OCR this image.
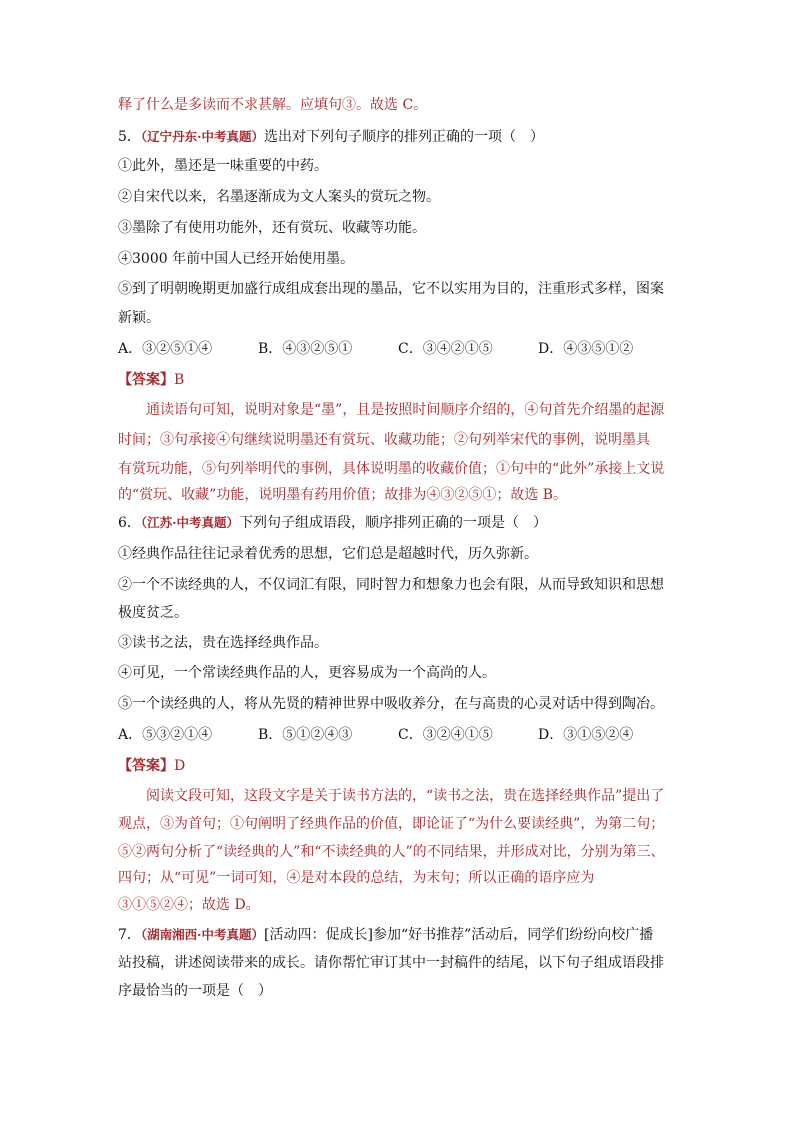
释了什么是多读而不求甚解。应填句③。故选 C。
5．（辽宁丹东·中考真题）选出对下列句子顺序的排列正确的一项（　）
①此外，墨还是一味重要的中药。
②自宋代以来，名墨逐渐成为文人案头的赏玩之物。
③墨除了有使用功能外，还有赏玩、收藏等功能。
④3000 年前中国人已经开始使用墨。
⑤到了明朝晚期更加盛行成组成套出现的墨品，它不以实用为目的，注重形式多样，图案
新颖。
A．③②⑤①④	B．④③②⑤①	C．③④②①⑤	D．④③⑤①②
【答案】B
通读语句可知，说明对象是“墨”，且是按照时间顺序介绍的，④句首先介绍墨的起源
时间；③句承接④句继续说明墨还有赏玩、收藏功能；②句列举宋代的事例，说明墨具
有赏玩功能，⑤句列举明代的事例，具体说明墨的收藏价值；①句中的“此外”承接上文说
的“赏玩、收藏”功能，说明墨有药用价值；故排为④③②⑤①；故选 B。
6．（江苏·中考真题）下列句子组成语段，顺序排列正确的一项是（　）
①经典作品往往记录着优秀的思想，它们总是超越时代，历久弥新。
②一个不读经典的人，不仅词汇有限，同时智力和想象力也会有限，从而导致知识和思想
极度贫乏。
③读书之法，贵在选择经典作品。
④可见，一个常读经典作品的人，更容易成为一个高尚的人。
⑤一个读经典的人，将从先贤的精神世界中吸收养分，在与高贵的心灵对话中得到陶冶。
A．⑤③②①④	B．⑤①②④③	C．③②④①⑤	D．③①⑤②④
【答案】D
阅读文段可知，这段文字是关于读书方法的，“读书之法，贵在选择经典作品”提出了
观点，③为首句；①句阐明了经典作品的价值，即论证了“为什么要读经典”，为第二句；
⑤②两句分析了“读经典的人”和“不读经典的人”的不同结果，并形成对比，分别为第三、
四句；从“可见”一词可知，④是对本段的总结，为末句；所以正确的语序应为
③①⑤②④；故选 D。
7．（湖南湘西·中考真题）[活动四：促成长]参加“好书推荐”活动后，同学们纷纷向校广播
站投稿，讲述阅读带来的成长。请你帮忙审订其中一封稿件的结尾，以下句子组成语段排
序最恰当的一项是（　）
